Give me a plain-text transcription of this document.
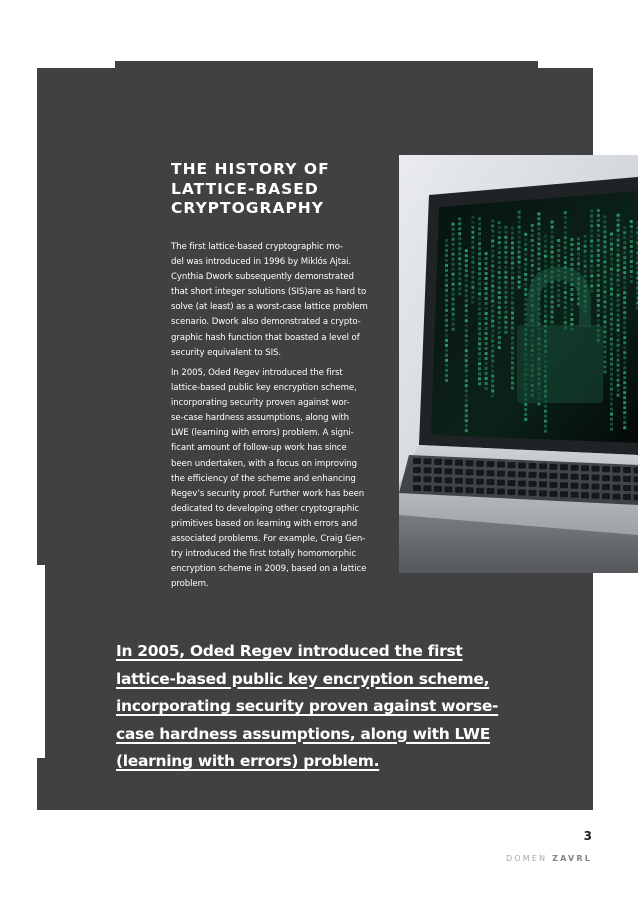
THE HISTORY OF
LATTICE-BASED
CRYPTOGRAPHY
The first lattice-based cryptographic mo-
del was introduced in 1996 by Miklós Ajtai.
Cynthia Dwork subsequently demonstrated
that short integer solutions (SIS)are as hard to
solve (at least) as a worst-case lattice problem
scenario. Dwork also demonstrated a crypto-
graphic hash function that boasted a level of
security equivalent to SIS.
In 2005, Oded Regev introduced the first
lattice-based public key encryption scheme,
incorporating security proven against wor-
se-case hardness assumptions, along with
LWE (learning with errors) problem. A signi-
ficant amount of follow-up work has since
been undertaken, with a focus on improving
the efficiency of the scheme and enhancing
Regev’s security proof. Further work has been
dedicated to developing other cryptographic
primitives based on learning with errors and
associated problems. For example, Craig Gen-
try introduced the first totally homomorphic
encryption scheme in 2009, based on a lattice
problem.
In 2005, Oded Regev introduced the first
lattice-based public key encryption scheme,
incorporating security proven against worse-
case hardness assumptions, along with LWE
(learning with errors) problem.
3
DOMEN ZAVRL
